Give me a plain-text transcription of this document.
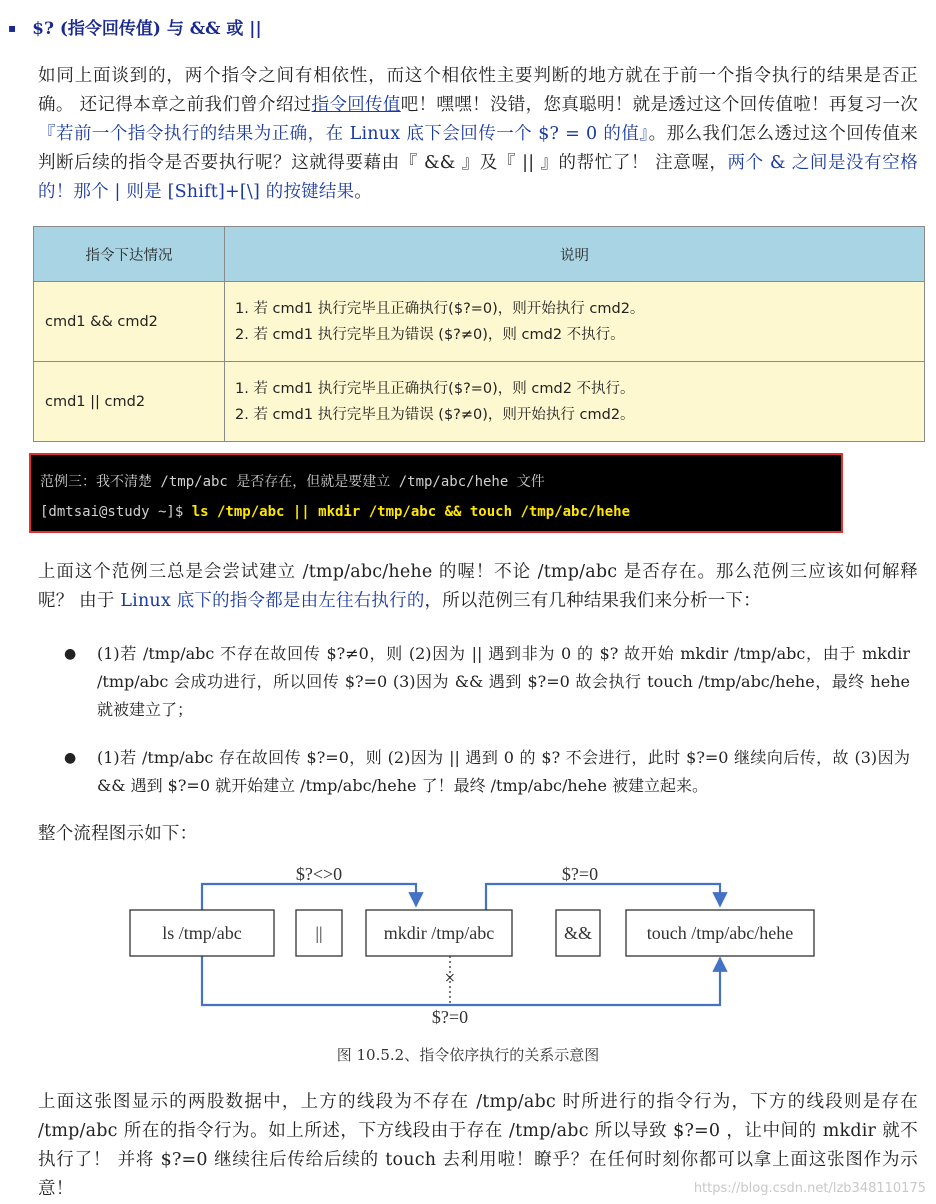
▪ $? (指令回传值) 与 && 或 ||
如同上面谈到的，两个指令之间有相依性，而这个相依性主要判断的地方就在于前一个指令执行的结果是否正确。 还记得本章之前我们曾介绍过指令回传值吧！嘿嘿！没错，您真聪明！就是透过这个回传值啦！再复习一次『若前一个指令执行的结果为正确，在 Linux 底下会回传一个 $? = 0 的值』。那么我们怎么透过这个回传值来判断后续的指令是否要执行呢？这就得要藉由『 && 』及『 || 』的帮忙了！ 注意喔，两个 & 之间是没有空格的！那个 | 则是 [Shift]+[\] 的按键结果。
指令下达情况	说明
cmd1 && cmd2	1. 若 cmd1 执行完毕且正确执行($?=0)，则开始执行 cmd2。
2. 若 cmd1 执行完毕且为错误 ($?≠0)，则 cmd2 不执行。

cmd1 || cmd2	1. 若 cmd1 执行完毕且正确执行($?=0)，则 cmd2 不执行。
2. 若 cmd1 执行完毕且为错误 ($?≠0)，则开始执行 cmd2。
范例三：我不清楚 /tmp/abc 是否存在，但就是要建立 /tmp/abc/hehe 文件
[dmtsai@study ~]$ ls /tmp/abc || mkdir /tmp/abc && touch /tmp/abc/hehe
上面这个范例三总是会尝试建立 /tmp/abc/hehe 的喔！不论 /tmp/abc 是否存在。那么范例三应该如何解释呢？ 由于 Linux 底下的指令都是由左往右执行的，所以范例三有几种结果我们来分析一下：
● (1)若 /tmp/abc 不存在故回传 $?≠0，则 (2)因为 || 遇到非为 0 的 $? 故开始 mkdir /tmp/abc，由于 mkdir /tmp/abc 会成功进行，所以回传 $?=0 (3)因为 && 遇到 $?=0 故会执行 touch /tmp/abc/hehe，最终 hehe 就被建立了；
● (1)若 /tmp/abc 存在故回传 $?=0，则 (2)因为 || 遇到 0 的 $? 不会进行，此时 $?=0 继续向后传，故 (3)因为 && 遇到 $?=0 就开始建立 /tmp/abc/hehe 了！最终 /tmp/abc/hehe 被建立起来。
整个流程图示如下：
×
ls /tmp/abc	||	mkdir /tmp/abc	&&	touch /tmp/abc/hehe
$?<>0	$?=0
$?=0
图 10.5.2、指令依序执行的关系示意图
上面这张图显示的两股数据中，上方的线段为不存在 /tmp/abc 时所进行的指令行为，下方的线段则是存在 /tmp/abc 所在的指令行为。如上所述，下方线段由于存在 /tmp/abc 所以导致 $?=0 ，让中间的 mkdir 就不执行了！ 并将 $?=0 继续往后传给后续的 touch 去利用啦！瞭乎？在任何时刻你都可以拿上面这张图作为示意！	https://blog.csdn.net/lzb348110175
